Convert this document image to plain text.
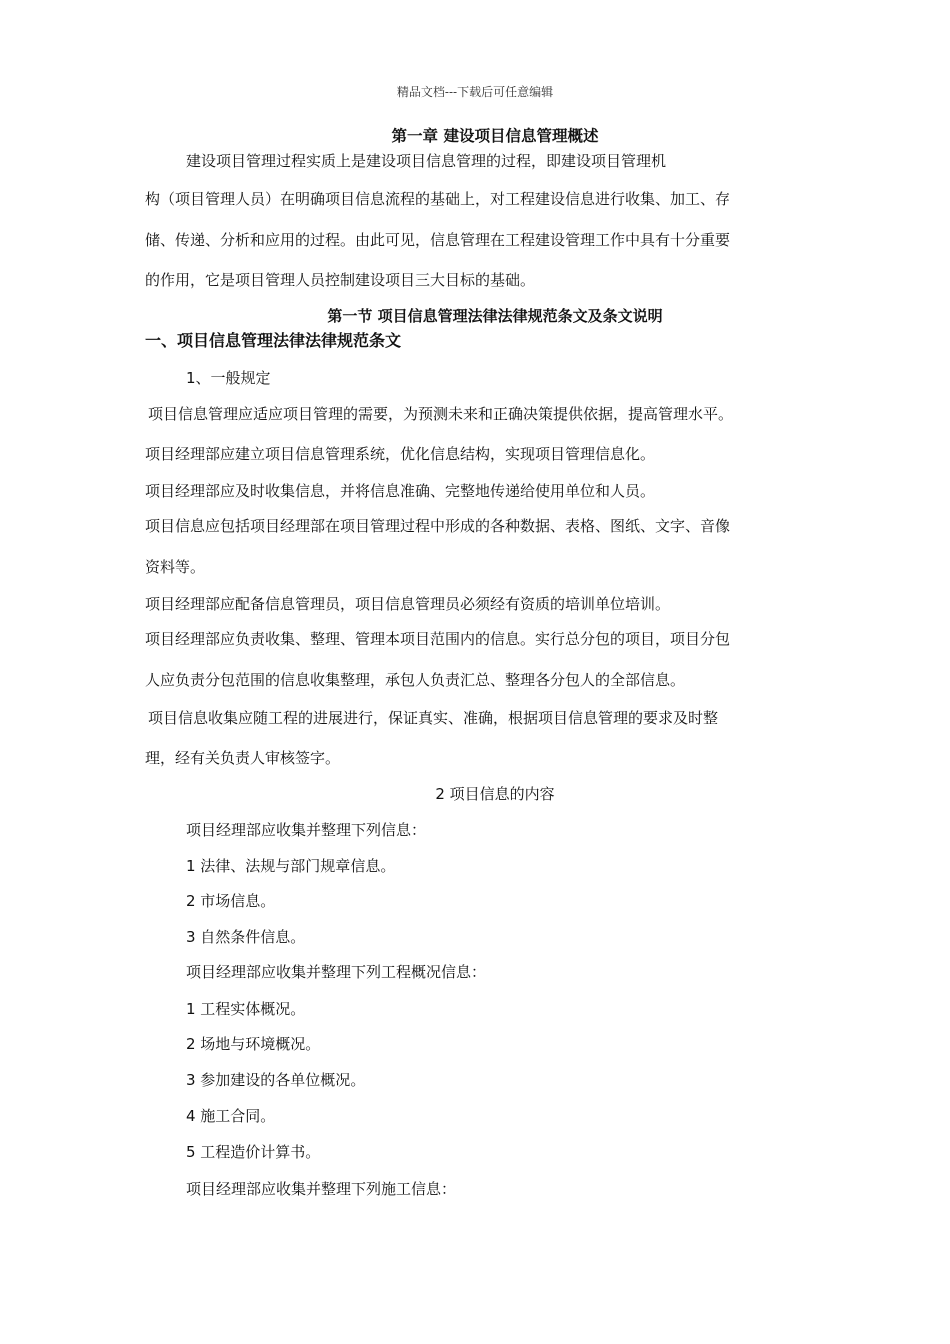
精品文档---下载后可任意编辑
第一章 建设项目信息管理概述
建设项目管理过程实质上是建设项目信息管理的过程，即建设项目管理机
构（项目管理人员）在明确项目信息流程的基础上，对工程建设信息进行收集、加工、存
储、传递、分析和应用的过程。由此可见，信息管理在工程建设管理工作中具有十分重要
的作用，它是项目管理人员控制建设项目三大目标的基础。
第一节 项目信息管理法律法律规范条文及条文说明
一、项目信息管理法律法律规范条文
1、一般规定
项目信息管理应适应项目管理的需要，为预测未来和正确决策提供依据，提高管理水平。
项目经理部应建立项目信息管理系统，优化信息结构，实现项目管理信息化。
项目经理部应及时收集信息，并将信息准确、完整地传递给使用单位和人员。
项目信息应包括项目经理部在项目管理过程中形成的各种数据、表格、图纸、文字、音像
资料等。
项目经理部应配备信息管理员，项目信息管理员必须经有资质的培训单位培训。
项目经理部应负责收集、整理、管理本项目范围内的信息。实行总分包的项目，项目分包
人应负责分包范围的信息收集整理，承包人负责汇总、整理各分包人的全部信息。
项目信息收集应随工程的进展进行，保证真实、准确，根据项目信息管理的要求及时整
理，经有关负责人审核签字。
2 项目信息的内容
项目经理部应收集并整理下列信息：
1 法律、法规与部门规章信息。
2 市场信息。
3 自然条件信息。
项目经理部应收集并整理下列工程概况信息：
1 工程实体概况。
2 场地与环境概况。
3 参加建设的各单位概况。
4 施工合同。
5 工程造价计算书。
项目经理部应收集并整理下列施工信息：
